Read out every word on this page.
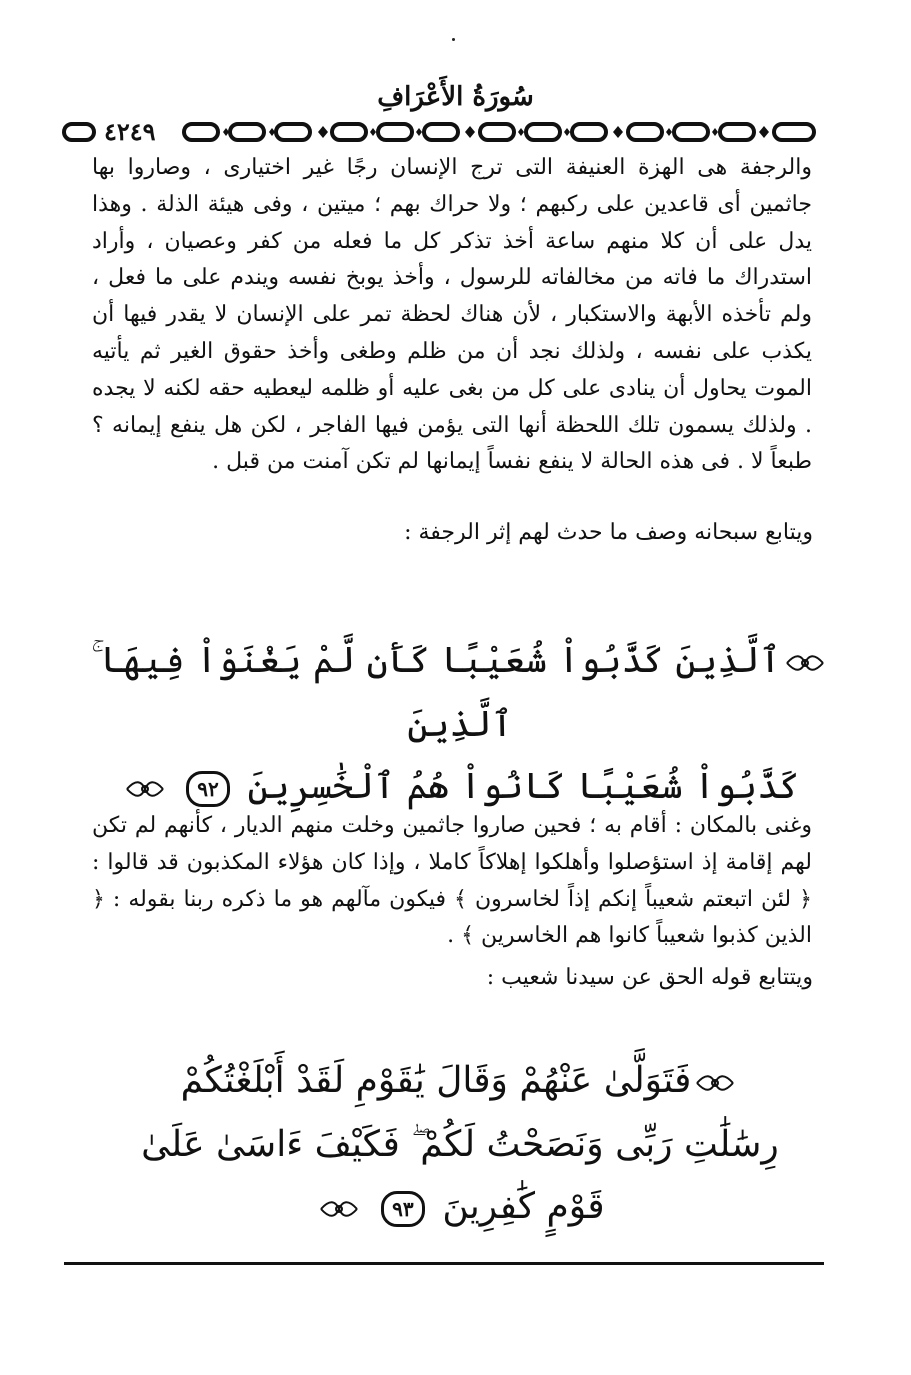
سُورَةُ الأَعْرَافِ
٤٢٤٩

والرجفة هى الهزة العنيفة التى ترج الإنسان رجًا غير اختيارى ، وصاروا بها جاثمين أى قاعدين على ركبهم ؛ ولا حراك بهم ؛ ميتين ، وفى هيئة الذلة . وهذا يدل على أن كلا منهم ساعة أخذ تذكر كل ما فعله من كفر وعصيان ، وأراد استدراك ما فاته من مخالفاته للرسول ، وأخذ يوبخ نفسه ويندم على ما فعل ، ولم تأخذه الأبهة والاستكبار ، لأن هناك لحظة تمر على الإنسان لا يقدر فيها أن يكذب على نفسه ، ولذلك نجد أن من ظلم وطغى وأخذ حقوق الغير ثم يأتيه الموت يحاول أن ينادى على كل من بغى عليه أو ظلمه ليعطيه حقه لكنه لا يجده . ولذلك يسمون تلك اللحظة أنها التى يؤمن فيها الفاجر ، لكن هل ينفع إيمانه ؟ طبعاً لا . فى هذه الحالة لا ينفع نفساً إيمانها لم تكن آمنت من قبل .

ويتابع سبحانه وصف ما حدث لهم إثر الرجفة :
ٱلَّذِينَ كَذَّبُواْ شُعَيْبًا كَأَن لَّمْ يَغْنَوْاْ فِيهَا ۚ ٱلَّذِينَ
كَذَّبُواْ شُعَيْبًا كَانُواْ هُمُ ٱلْخَٰسِرِينَ ٩٢

وغنى بالمكان : أقام به ؛ فحين صاروا جاثمين وخلت منهم الديار ، كأنهم لم تكن لهم إقامة إذ استؤصلوا وأهلكوا إهلاكاً كاملا ، وإذا كان هؤلاء المكذبون قد قالوا : ﴿ لئن اتبعتم شعيباً إنكم إذاً لخاسرون ﴾ فيكون مآلهم هو ما ذكره ربنا بقوله : ﴿ الذين كذبوا شعيباً كانوا هم الخاسرين ﴾ .

ويتتابع قوله الحق عن سيدنا شعيب :
فَتَوَلَّىٰ عَنْهُمْ وَقَالَ يَٰقَوْمِ لَقَدْ أَبْلَغْتُكُمْ
رِسَٰلَٰتِ رَبِّى وَنَصَحْتُ لَكُمْ ۖ فَكَيْفَ ءَاسَىٰ عَلَىٰ
قَوْمٍ كَٰفِرِينَ ٩٣
